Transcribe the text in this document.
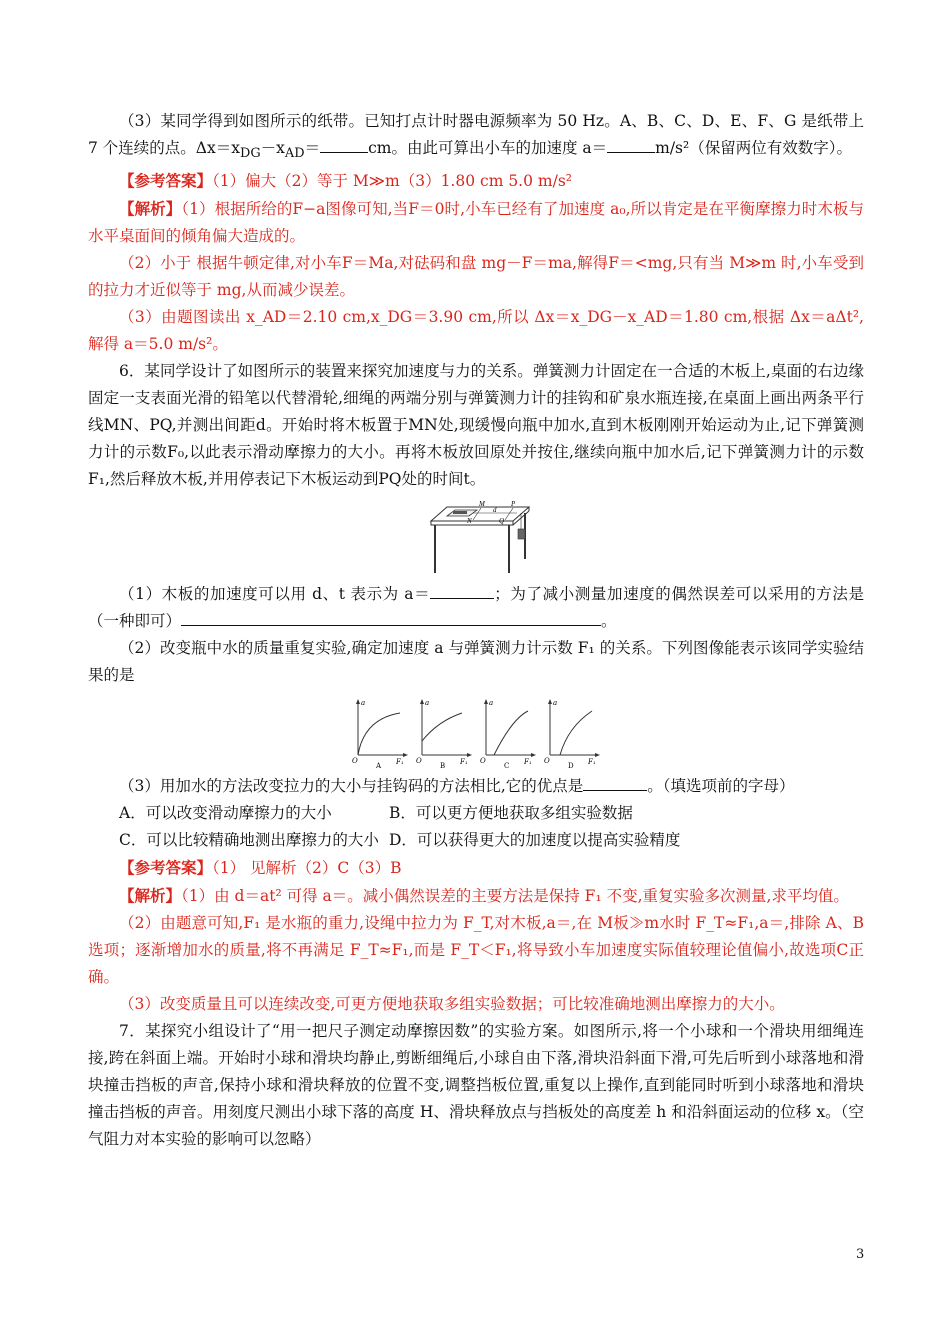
（3）某同学得到如图所示的纸带。已知打点计时器电源频率为 50 Hz。A、B、C、D、E、F、G 是纸带上 7 个连续的点。$\Delta x=x_{DG}-x_{AD}=$	cm。由此可算出小车的加速度 a＝	m/s²（保留两位有效数字）。

【参考答案】（1）偏大（2）等于 M≫m（3）1.80 cm 5.0 m/s²

【解析】（1）根据所给的F−a图像可知,当F＝0时,小车已经有了加速度 a₀,所以肯定是在平衡摩擦力时木板与水平桌面间的倾角偏大造成的。

（2）小于 根据牛顿定律,对小车F＝Ma,对砝码和盘 mg－F＝ma,解得F＝<mg,只有当 M≫m 时,小车受到的拉力才近似等于 mg,从而减少误差。

（3）由题图读出 x_AD＝2.10 cm,x_DG＝3.90 cm,所以 Δx＝x_DG－x_AD＝1.80 cm,根据 Δx＝aΔt²,解得 a＝5.0 m/s²。

6．某同学设计了如图所示的装置来探究加速度与力的关系。弹簧测力计固定在一合适的木板上,桌面的右边缘固定一支表面光滑的铅笔以代替滑轮,细绳的两端分别与弹簧测力计的挂钩和矿泉水瓶连接,在桌面上画出两条平行线MN、PQ,并测出间距d。开始时将木板置于MN处,现缓慢向瓶中加水,直到木板刚刚开始运动为止,记下弹簧测力计的示数F₀,以此表示滑动摩擦力的大小。再将木板放回原处并按住,继续向瓶中加水后,记下弹簧测力计的示数F₁,然后释放木板,并用停表记下木板运动到PQ处的时间t。

M	P
N	Q
d

（1）木板的加速度可以用 d、t 表示为 a＝	；为了减小测量加速度的偶然误差可以采用的方法是（一种即可）	。

（2）改变瓶中水的质量重复实验,确定加速度 a 与弹簧测力计示数 F₁ 的关系。下列图像能表示该同学实验结果的是

a
O	F₁
A
a
O	F₁
B
a
O	F₁
C
a
O	F₁
D

（3）用加水的方法改变拉力的大小与挂钩码的方法相比,它的优点是	。（填选项前的字母）

A．可以改变滑动摩擦力的大小	B．可以更方便地获取多组实验数据

C．可以比较精确地测出摩擦力的大小 D．可以获得更大的加速度以提高实验精度

【参考答案】（1） 见解析（2）C（3）B

【解析】（1）由 d＝at² 可得 a＝。减小偶然误差的主要方法是保持 F₁ 不变,重复实验多次测量,求平均值。

（2）由题意可知,F₁ 是水瓶的重力,设绳中拉力为 F_T,对木板,a＝,在 M板≫m水时 F_T≈F₁,a＝,排除 A、B 选项；逐渐增加水的质量,将不再满足 F_T≈F₁,而是 F_T＜F₁,将导致小车加速度实际值较理论值偏小,故选项C正确。

（3）改变质量且可以连续改变,可更方便地获取多组实验数据；可比较准确地测出摩擦力的大小。

7．某探究小组设计了“用一把尺子测定动摩擦因数”的实验方案。如图所示,将一个小球和一个滑块用细绳连接,跨在斜面上端。开始时小球和滑块均静止,剪断细绳后,小球自由下落,滑块沿斜面下滑,可先后听到小球落地和滑块撞击挡板的声音,保持小球和滑块释放的位置不变,调整挡板位置,重复以上操作,直到能同时听到小球落地和滑块撞击挡板的声音。用刻度尺测出小球下落的高度 H、滑块释放点与挡板处的高度差 h 和沿斜面运动的位移 x。（空气阻力对本实验的影响可以忽略）

3
